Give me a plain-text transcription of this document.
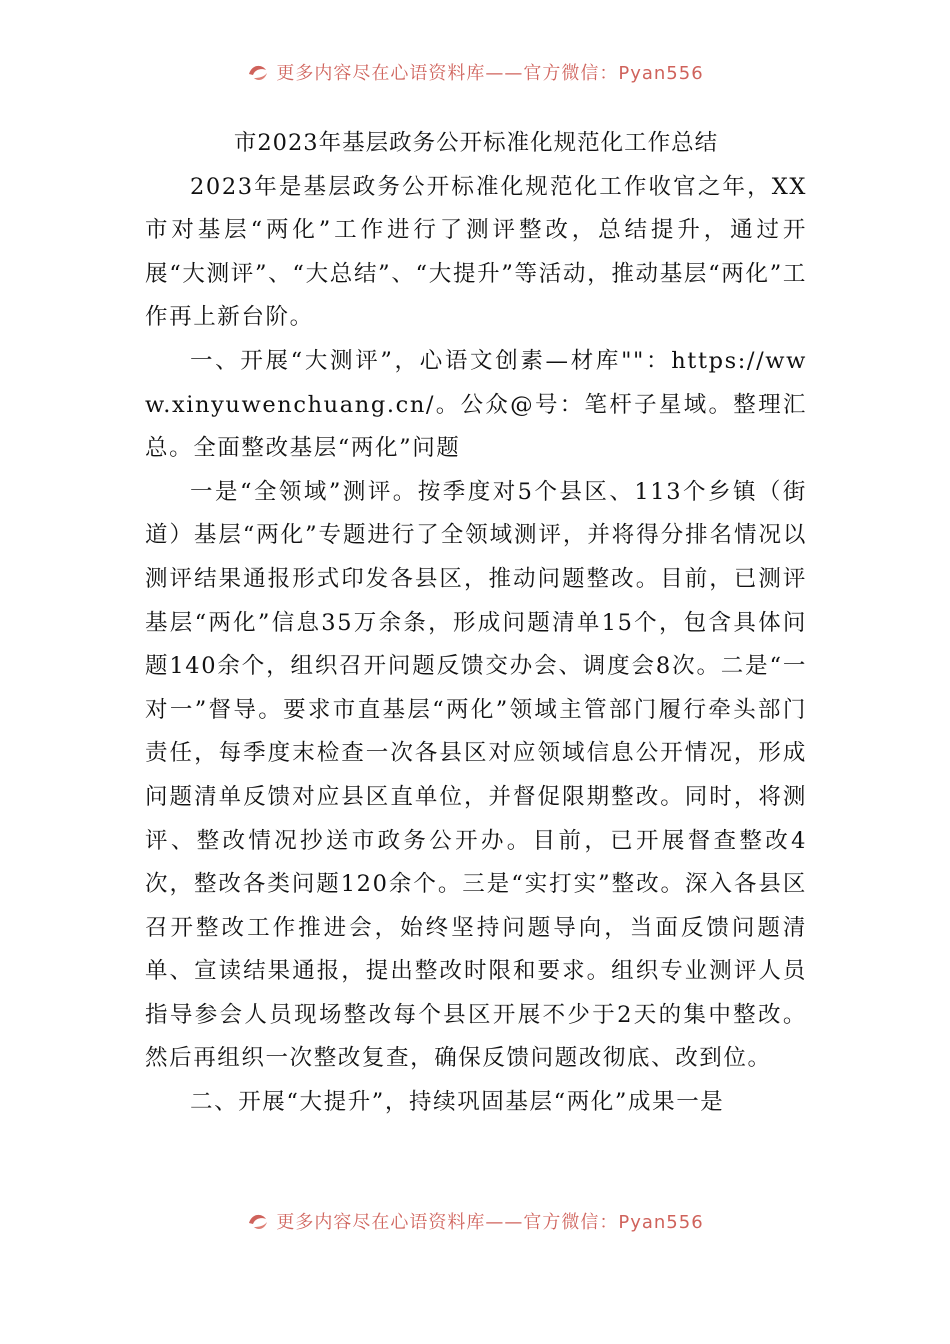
更多内容尽在心语资料库——官方微信：Pyan556
市2023年基层政务公开标准化规范化工作总结

2023年是基层政务公开标准化规范化工作收官之年，XX市对基层“两化”工作进行了测评整改，总结提升，通过开展“大测评”、“大总结”、“大提升”等活动，推动基层“两化”工作再上新台阶。

一、开展“大测评”，心语文创素—材库""：https://www.xinyuwenchuang.cn/。公众@号：笔杆子星域。整理汇总。全面整改基层“两化”问题

一是“全领域”测评。按季度对5个县区、113个乡镇（街道）基层“两化”专题进行了全领域测评，并将得分排名情况以测评结果通报形式印发各县区，推动问题整改。目前，已测评基层“两化”信息35万余条，形成问题清单15个，包含具体问题140余个，组织召开问题反馈交办会、调度会8次。二是“一对一”督导。要求市直基层“两化”领域主管部门履行牵头部门责任，每季度末检查一次各县区对应领域信息公开情况，形成问题清单反馈对应县区直单位，并督促限期整改。同时，将测评、整改情况抄送市政务公开办。目前，已开展督查整改4次，整改各类问题120余个。三是“实打实”整改。深入各县区召开整改工作推进会，始终坚持问题导向，当面反馈问题清单、宣读结果通报，提出整改时限和要求。组织专业测评人员指导参会人员现场整改每个县区开展不少于2天的集中整改。然后再组织一次整改复查，确保反馈问题改彻底、改到位。

二、开展“大提升”，持续巩固基层“两化”成果一是

更多内容尽在心语资料库——官方微信：Pyan556
